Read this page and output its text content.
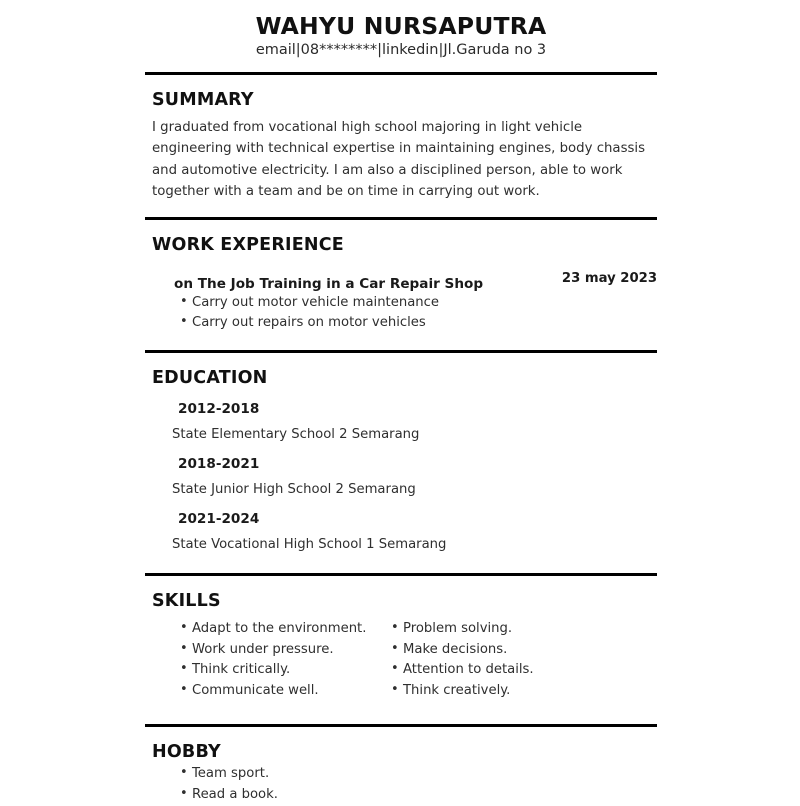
WAHYU NURSAPUTRA
email|08********|linkedin|Jl.Garuda no 3
SUMMARY
I graduated from vocational high school majoring in light vehicle engineering with technical expertise in maintaining engines, body chassis and automotive electricity. I am also a disciplined person, able to work together with a team and be on time in carrying out work.
WORK EXPERIENCE
on The Job Training in a Car Repair Shop	23 may 2023
• Carry out motor vehicle maintenance
• Carry out repairs on motor vehicles
EDUCATION
2012-2018
State Elementary School 2 Semarang
2018-2021
State Junior High School 2 Semarang
2021-2024
State Vocational High School 1 Semarang
SKILLS
• Adapt to the environment.
• Work under pressure.
• Think critically.
• Communicate well.
• Problem solving.
• Make decisions.
• Attention to details.
• Think creatively.
HOBBY
• Team sport.
• Read a book.
